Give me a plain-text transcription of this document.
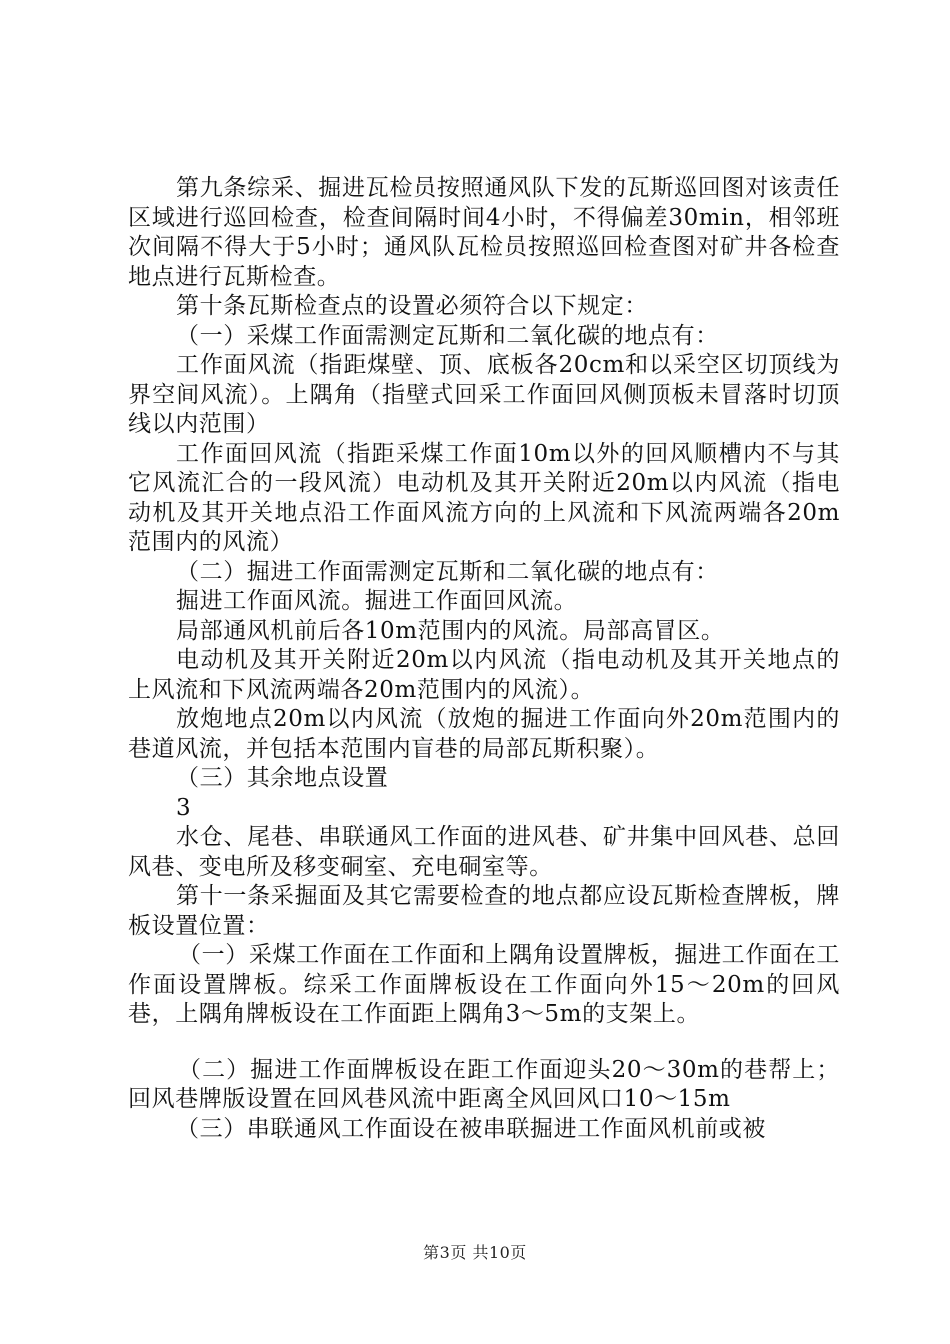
第九条综采、掘进瓦检员按照通风队下发的瓦斯巡回图对该责任区域进行巡回检查，检查间隔时间4小时，不得偏差30min，相邻班次间隔不得大于5小时；通风队瓦检员按照巡回检查图对矿井各检查地点进行瓦斯检查。

第十条瓦斯检查点的设置必须符合以下规定：

（一）采煤工作面需测定瓦斯和二氧化碳的地点有：

工作面风流（指距煤壁、顶、底板各20cm和以采空区切顶线为界空间风流）。上隅角（指壁式回采工作面回风侧顶板未冒落时切顶线以内范围）

工作面回风流（指距采煤工作面10m以外的回风顺槽内不与其它风流汇合的一段风流）电动机及其开关附近20m以内风流（指电动机及其开关地点沿工作面风流方向的上风流和下风流两端各20m范围内的风流）

（二）掘进工作面需测定瓦斯和二氧化碳的地点有：

掘进工作面风流。掘进工作面回风流。

局部通风机前后各10m范围内的风流。局部高冒区。

电动机及其开关附近20m以内风流（指电动机及其开关地点的上风流和下风流两端各20m范围内的风流）。

放炮地点20m以内风流（放炮的掘进工作面向外20m范围内的巷道风流，并包括本范围内盲巷的局部瓦斯积聚）。

（三）其余地点设置

3

水仓、尾巷、串联通风工作面的进风巷、矿井集中回风巷、总回风巷、变电所及移变硐室、充电硐室等。

第十一条采掘面及其它需要检查的地点都应设瓦斯检查牌板，牌板设置位置：

（一）采煤工作面在工作面和上隅角设置牌板，掘进工作面在工作面设置牌板。综采工作面牌板设在工作面向外15～20m的回风巷，上隅角牌板设在工作面距上隅角3～5m的支架上。

（二）掘进工作面牌板设在距工作面迎头20～30m的巷帮上；回风巷牌版设置在回风巷风流中距离全风回风口10～15m

（三）串联通风工作面设在被串联掘进工作面风机前或被

第3页 共10页
